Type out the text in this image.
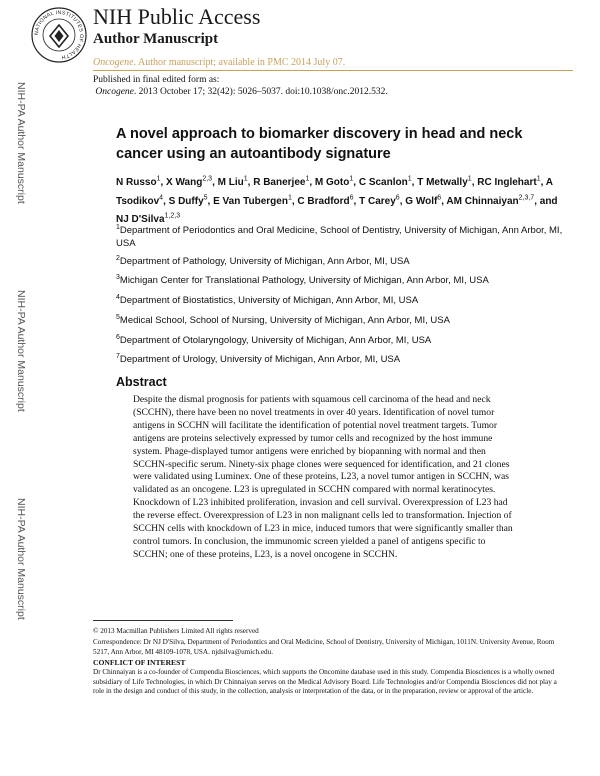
NATIONAL INSTITUTES OF HEALTH
NIH Public Access
Author Manuscript
Oncogene. Author manuscript; available in PMC 2014 July 07.
Published in final edited form as:
Oncogene. 2013 October 17; 32(42): 5026–5037. doi:10.1038/onc.2012.532.
NIH-PA Author Manuscript
NIH-PA Author Manuscript
NIH-PA Author Manuscript
A novel approach to biomarker discovery in head and neck cancer using an autoantibody signature
N Russo$^1$, X Wang$^{2,3}$, M Liu$^1$, R Banerjee$^1$, M Goto$^1$, C Scanlon$^1$, T Metwally$^1$, RC Inglehart$^1$, A Tsodikov$^4$, S Duffy$^5$, E Van Tubergen$^1$, C Bradford$^6$, T Carey$^6$, G Wolf$^6$, AM Chinnaiyan$^{2,3,7}$, and NJ D'Silva$^{1,2,3}$
$^1$Department of Periodontics and Oral Medicine, School of Dentistry, University of Michigan, Ann Arbor, MI, USA
$^2$Department of Pathology, University of Michigan, Ann Arbor, MI, USA
$^3$Michigan Center for Translational Pathology, University of Michigan, Ann Arbor, MI, USA
$^4$Department of Biostatistics, University of Michigan, Ann Arbor, MI, USA
$^5$Medical School, School of Nursing, University of Michigan, Ann Arbor, MI, USA
$^6$Department of Otolaryngology, University of Michigan, Ann Arbor, MI, USA
$^7$Department of Urology, University of Michigan, Ann Arbor, MI, USA
Abstract

Despite the dismal prognosis for patients with squamous cell carcinoma of the head and neck (SCCHN), there have been no novel treatments in over 40 years. Identification of novel tumor antigens in SCCHN will facilitate the identification of potential novel treatment targets. Tumor antigens are proteins selectively expressed by tumor cells and recognized by the host immune system. Phage-displayed tumor antigens were enriched by biopanning with normal and then SCCHN-specific serum. Ninety-six phage clones were sequenced for identification, and 21 clones were validated using Luminex. One of these proteins, L23, a novel tumor antigen in SCCHN, was validated as an oncogene. L23 is upregulated in SCCHN compared with normal keratinocytes. Knockdown of L23 inhibited proliferation, invasion and cell survival. Overexpression of L23 had the reverse effect. Overexpression of L23 in non malignant cells led to transformation. Injection of SCCHN cells with knockdown of L23 in mice, induced tumors that were significantly smaller than control tumors. In conclusion, the immunomic screen yielded a panel of antigens specific to SCCHN; one of these proteins, L23, is a novel oncogene in SCCHN.

© 2013 Macmillan Publishers Limited All rights reserved

Correspondence: Dr NJ D'Silva, Department of Periodontics and Oral Medicine, School of Dentistry, University of Michigan, 1011N. University Avenue, Room 5217, Ann Arbor, MI 48109-1078, USA. njdsilva@umich.edu.

CONFLICT OF INTEREST

Dr Chinnaiyan is a co-founder of Compendia Biosciences, which supports the Oncomine database used in this study. Compendia Biosciences is a wholly owned subsidiary of Life Technologies, in which Dr Chinnaiyan serves on the Medical Advisory Board. Life Technologies and/or Compendia Biosciences did not play a role in the design and conduct of this study, in the collection, analysis or interpretation of the data, or in the preparation, review or approval of the article.
